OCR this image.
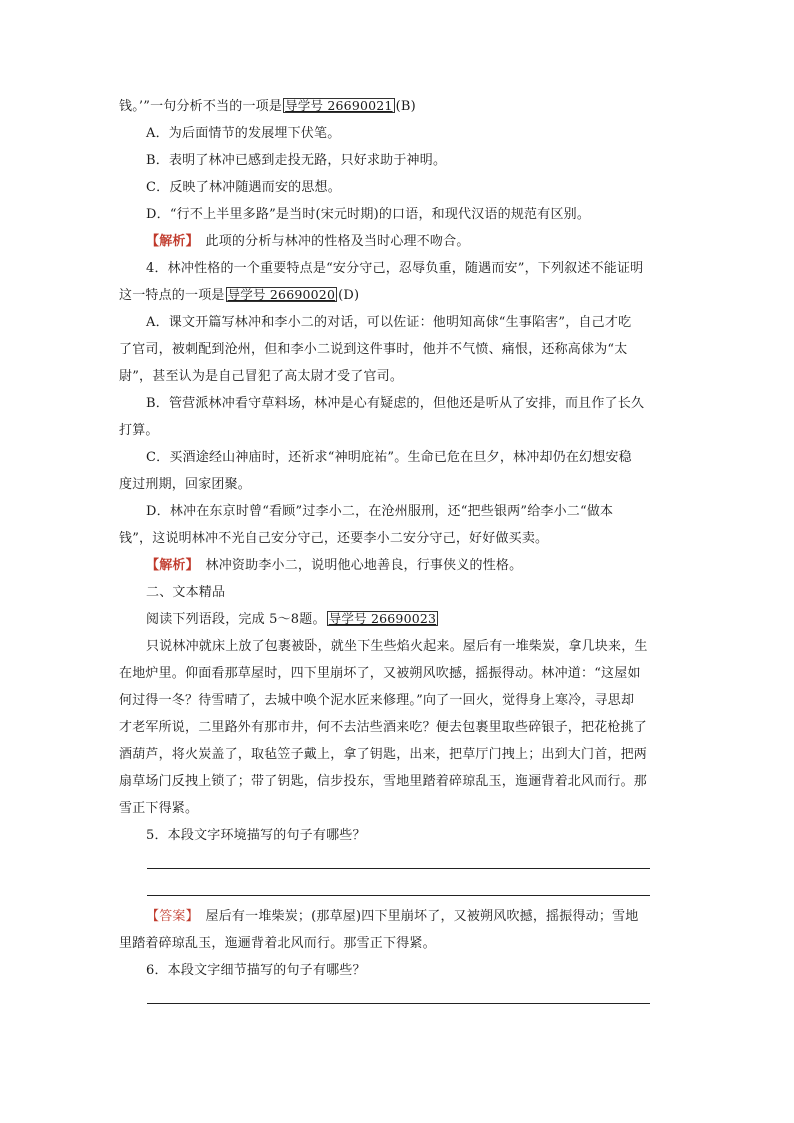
钱。’”一句分析不当的一项是 导学号 26690021 (B)
A．为后面情节的发展埋下伏笔。
B．表明了林冲已感到走投无路，只好求助于神明。
C．反映了林冲随遇而安的思想。
D．“行不上半里多路”是当时(宋元时期)的口语，和现代汉语的规范有区别。
【解析】　此项的分析与林冲的性格及当时心理不吻合。
4．林冲性格的一个重要特点是“安分守己，忍辱负重，随遇而安”，下列叙述不能证明
这一特点的一项是 导学号 26690020 (D)
A．课文开篇写林冲和李小二的对话，可以佐证：他明知高俅“生事陷害”，自己才吃
了官司，被刺配到沧州，但和李小二说到这件事时，他并不气愤、痛恨，还称高俅为“太
尉”，甚至认为是自己冒犯了高太尉才受了官司。
B．管营派林冲看守草料场，林冲是心有疑虑的，但他还是听从了安排，而且作了长久
打算。
C．买酒途经山神庙时，还祈求“神明庇祐”。生命已危在旦夕，林冲却仍在幻想安稳
度过刑期，回家团聚。
D．林冲在东京时曾“看顾”过李小二，在沧州服刑，还“把些银两”给李小二“做本
钱”，这说明林冲不光自己安分守己，还要李小二安分守己，好好做买卖。
【解析】　林冲资助李小二，说明他心地善良，行事侠义的性格。
二、文本精品
阅读下列语段，完成 5～8题。 导学号 26690023
只说林冲就床上放了包裹被卧，就坐下生些焰火起来。屋后有一堆柴炭，拿几块来，生
在地炉里。仰面看那草屋时，四下里崩坏了，又被朔风吹撼，摇振得动。林冲道：“这屋如
何过得一冬？待雪晴了，去城中唤个泥水匠来修理。”向了一回火，觉得身上寒冷，寻思却
才老军所说，二里路外有那市井，何不去沽些酒来吃？便去包裹里取些碎银子，把花枪挑了
酒葫芦，将火炭盖了，取毡笠子戴上，拿了钥匙，出来，把草厅门拽上；出到大门首，把两
扇草场门反拽上锁了；带了钥匙，信步投东，雪地里踏着碎琼乱玉，迤逦背着北风而行。那
雪正下得紧。
5．本段文字环境描写的句子有哪些？
【答案】　屋后有一堆柴炭；(那草屋)四下里崩坏了，又被朔风吹撼，摇振得动；雪地
里踏着碎琼乱玉，迤逦背着北风而行。那雪正下得紧。
6．本段文字细节描写的句子有哪些？
